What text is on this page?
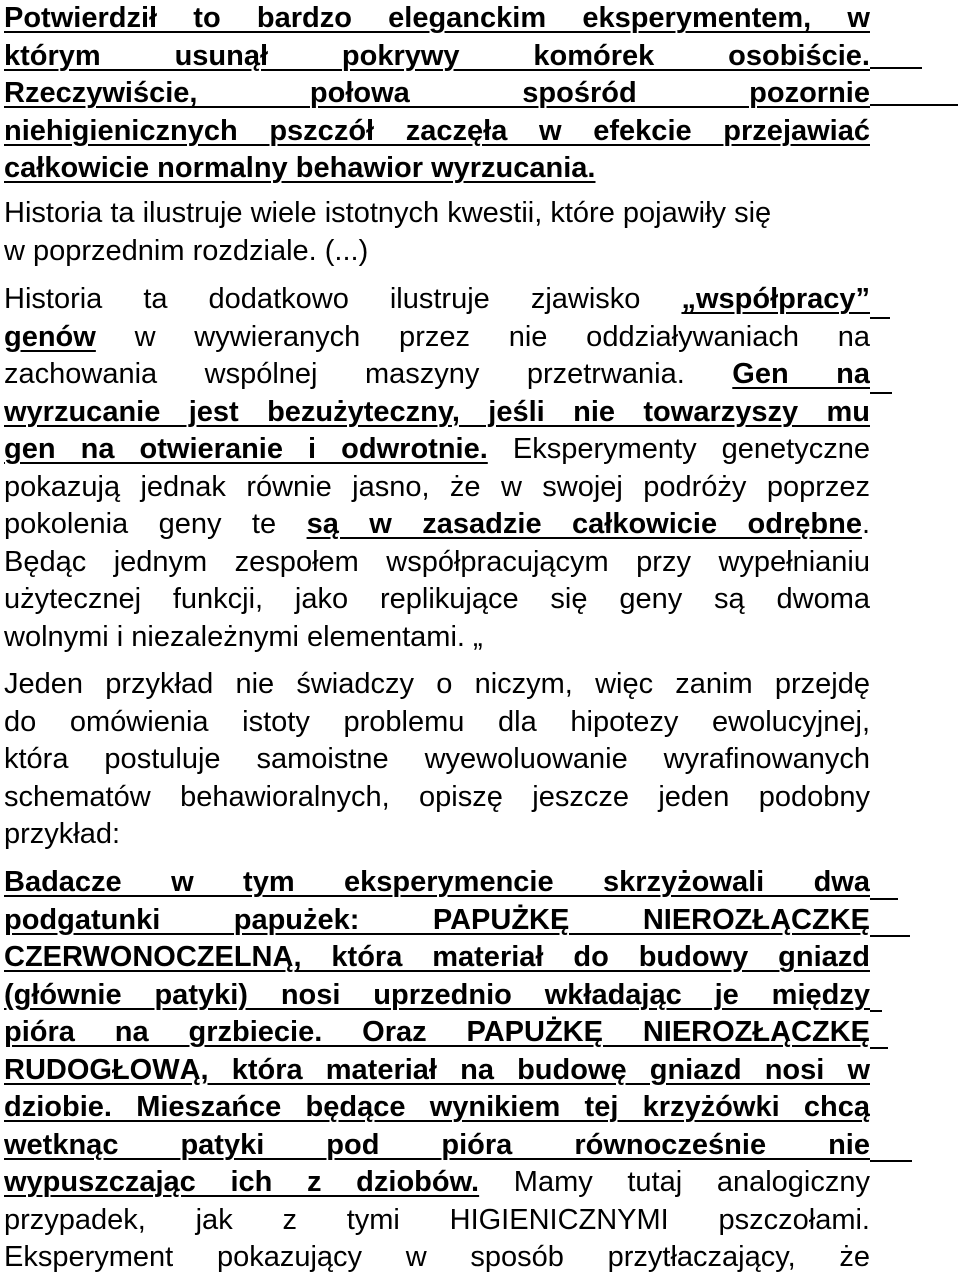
Potwierdził to bardzo eleganckim eksperymentem, w
którym usunął pokrywy komórek osobiście.
Rzeczywiście, połowa spośród pozornie
niehigienicznych pszczół zaczęła w efekcie przejawiać
całkowicie normalny behawior wyrzucania.
Historia ta ilustruje wiele istotnych kwestii, które pojawiły się
w poprzednim rozdziale. (...)
Historia ta dodatkowo ilustruje zjawisko „współpracy”
genów w wywieranych przez nie oddziaływaniach na
zachowania wspólnej maszyny przetrwania. Gen na
wyrzucanie jest bezużyteczny, jeśli nie towarzyszy mu
gen na otwieranie i odwrotnie. Eksperymenty genetyczne
pokazują jednak równie jasno, że w swojej podróży poprzez
pokolenia geny te są w zasadzie całkowicie odrębne.
Będąc jednym zespołem współpracującym przy wypełnianiu
użytecznej funkcji, jako replikujące się geny są dwoma
wolnymi i niezależnymi elementami. „
Jeden przykład nie świadczy o niczym, więc zanim przejdę
do omówienia istoty problemu dla hipotezy ewolucyjnej,
która postuluje samoistne wyewoluowanie wyrafinowanych
schematów behawioralnych, opiszę jeszcze jeden podobny
przykład:
Badacze w tym eksperymencie skrzyżowali dwa
podgatunki papużek: PAPUŻKĘ NIEROZŁĄCZKĘ
CZERWONOCZELNĄ, która materiał do budowy gniazd
(głównie patyki) nosi uprzednio wkładając je między
pióra na grzbiecie. Oraz PAPUŻKĘ NIEROZŁĄCZKĘ
RUDOGŁOWĄ, która materiał na budowę gniazd nosi w
dziobie. Mieszańce będące wynikiem tej krzyżówki chcą
wetknąc patyki pod pióra równocześnie nie
wypuszczając ich z dziobów. Mamy tutaj analogiczny
przypadek, jak z tymi HIGIENICZNYMI pszczołami.
Eksperyment pokazujący w sposób przytłaczający, że
